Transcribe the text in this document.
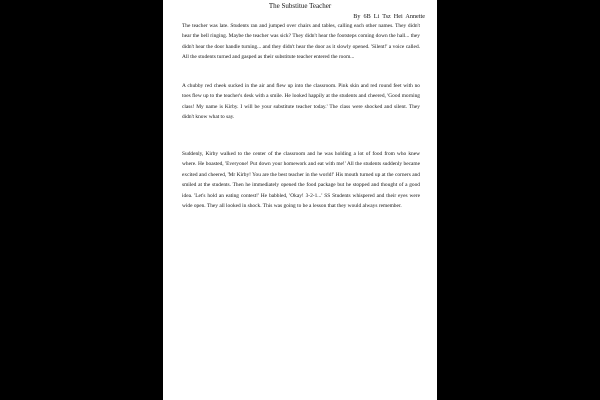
The Substitue Teacher
By 6B Li Tsz Hei Annette

The teacher was late. Students ran and jumped over chairs and tables, calling each other names. They didn't hear the bell ringing. Maybe the teacher was sick? They didn't hear the footsteps coming down the hall... they didn't hear the door handle turning... and they didn't hear the door as it slowly opened. 'Silent!' a voice called. All the students turned and gasped as their substitute teacher entered the room...

A chubby red cheek sucked in the air and flew up into the classroom. Pink skin and red round feet with no toes flew up to the teacher's desk with a smile. He looked happily at the students and cheered, 'Good morning class! My name is Kirby. I will be your substitute teacher today.' The class were shocked and silent. They didn't know what to say.

Suddenly, Kirby walked to the center of the classroom and he was holding a lot of food from who knew where. He boasted, 'Everyone! Put down your homework and eat with me!' All the students suddenly became excited and cheered, 'Mr Kirby! You are the best teacher in the world!' His mouth turned up at the corners and smiled at the students. Then he immediately opened the food package but he stopped and thought of a good idea. 'Let's hold an eating contest!' He babbled, 'Okay! 3-2-1...' SS Students whispered and their eyes were wide open. They all looked in shock. This was going to be a lesson that they would always remember.
